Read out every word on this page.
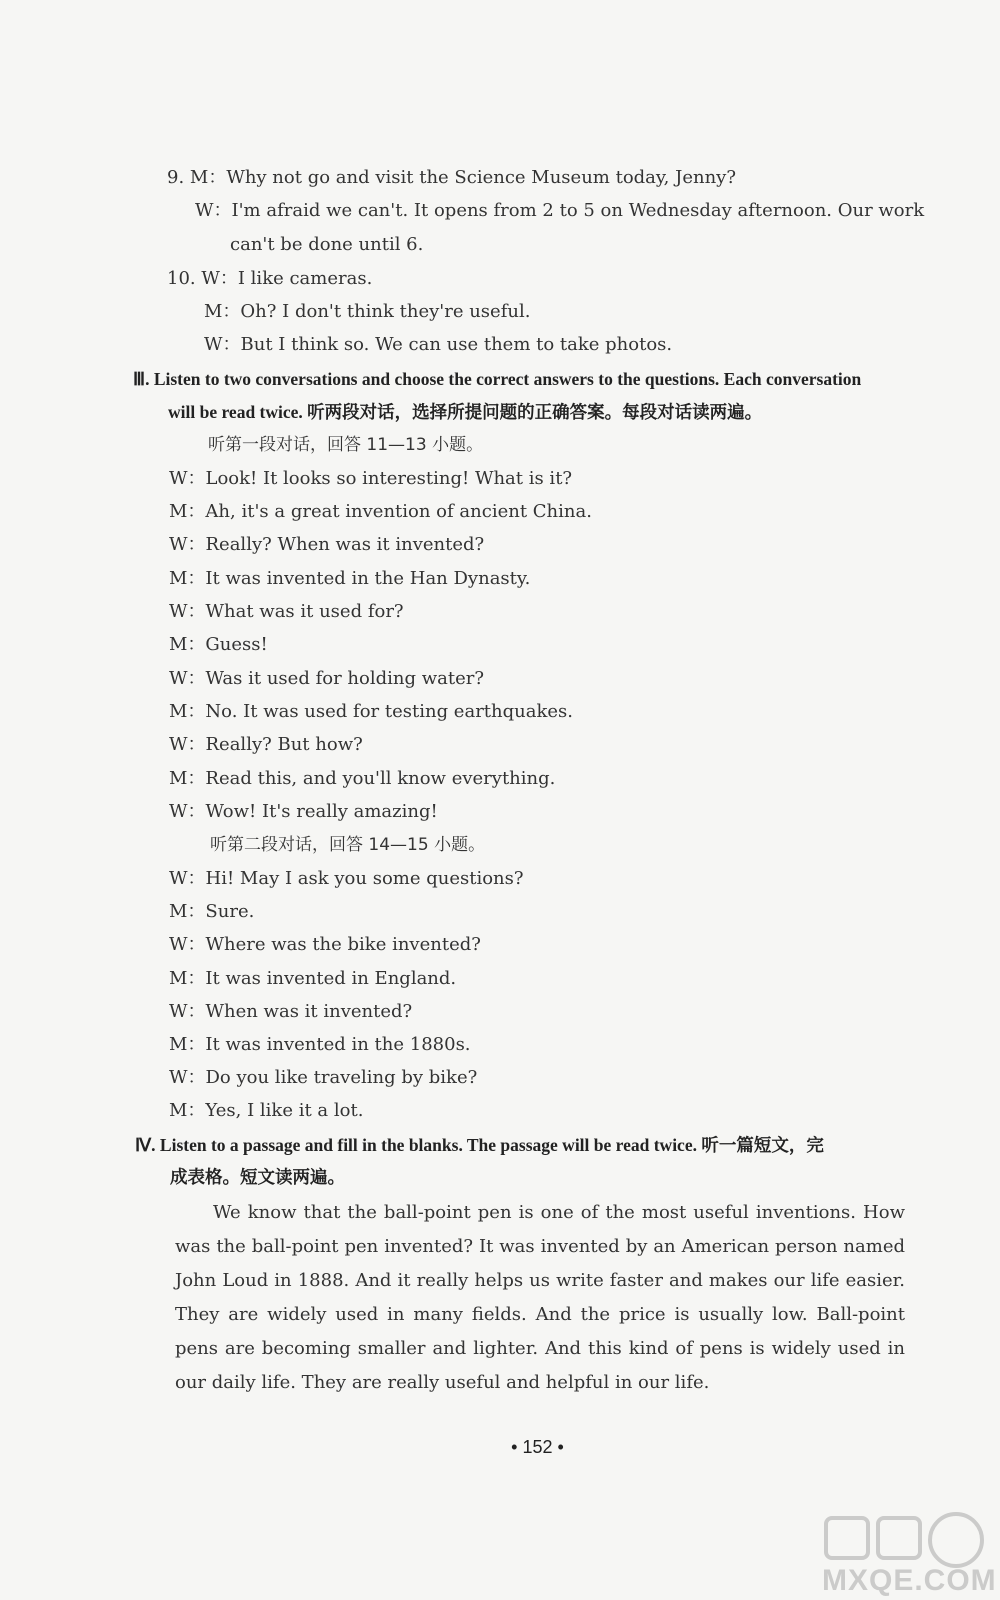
9. M：Why not go and visit the Science Museum today, Jenny?
W：I'm afraid we can't. It opens from 2 to 5 on Wednesday afternoon. Our work
can't be done until 6.
10. W：I like cameras.
M：Oh? I don't think they're useful.
W：But I think so. We can use them to take photos.
Ⅲ. Listen to two conversations and choose the correct answers to the questions. Each conversation
will be read twice. 听两段对话，选择所提问题的正确答案。每段对话读两遍。
听第一段对话，回答 11—13 小题。
W：Look! It looks so interesting! What is it?
M：Ah, it's a great invention of ancient China.
W：Really? When was it invented?
M：It was invented in the Han Dynasty.
W：What was it used for?
M：Guess!
W：Was it used for holding water?
M：No. It was used for testing earthquakes.
W：Really? But how?
M：Read this, and you'll know everything.
W：Wow! It's really amazing!
听第二段对话，回答 14—15 小题。
W：Hi! May I ask you some questions?
M：Sure.
W：Where was the bike invented?
M：It was invented in England.
W：When was it invented?
M：It was invented in the 1880s.
W：Do you like traveling by bike?
M：Yes, I like it a lot.
Ⅳ. Listen to a passage and fill in the blanks. The passage will be read twice. 听一篇短文，完
成表格。短文读两遍。
We know that the ball-point pen is one of the most useful inventions. How was the ball-point pen invented? It was invented by an American person named John Loud in 1888. And it really helps us write faster and makes our life easier. They are widely used in many fields. And the price is usually low. Ball-point pens are becoming smaller and lighter. And this kind of pens is widely used in our daily life. They are really useful and helpful in our life.
• 152 •
MXQE.COM
